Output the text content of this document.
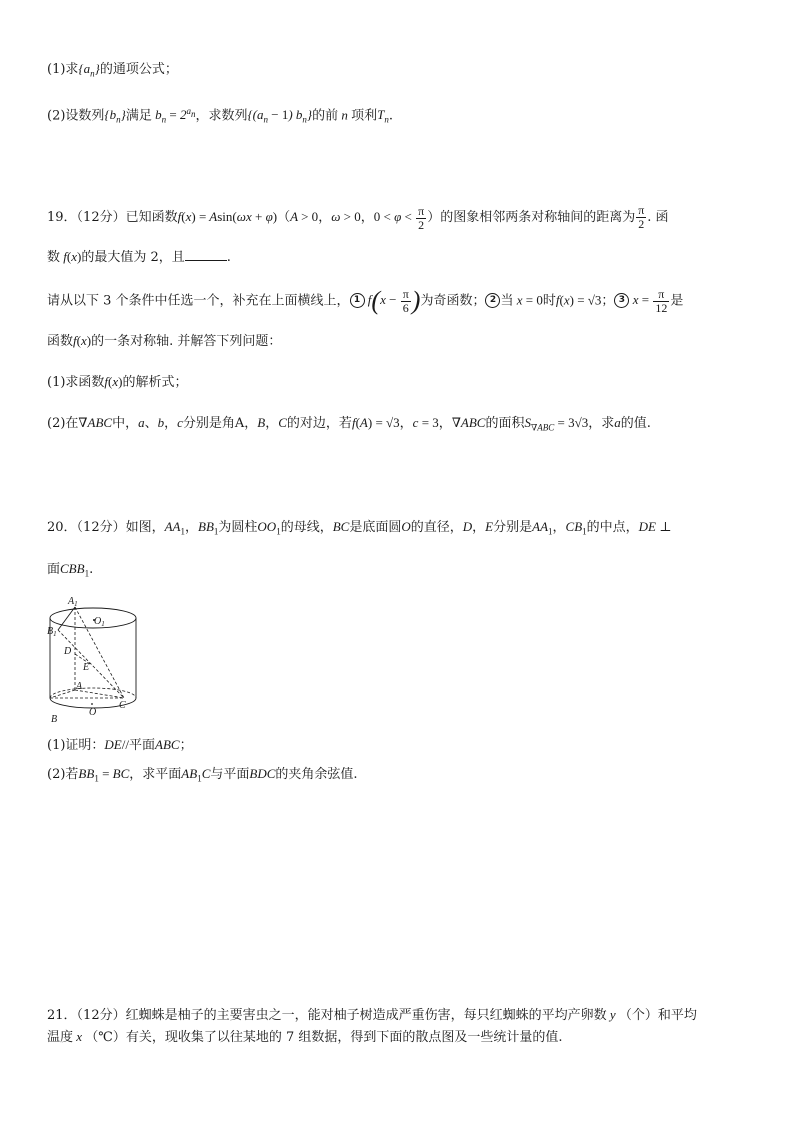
(1)求$\{a_n\}$的通项公式；
(2)设数列$\{b_n\}$满足 $b_n = 2^{a_n}$，求数列{$(a_n - 1)$ $b_n$}的前 n 项利$T_n$.
19．（12分）已知函数f(x) = Asin(ωx + φ)（A > 0，ω > 0，$0 < \varphi < \frac{\pi}{2}$ ）的图象相邻两条对称轴间的距离为 $\frac{\pi}{2}$ . 函
数 f(x)的最大值为 2，且	.
请从以下 3 个条件中任选一个，补充在上面横线上， 1 $f(x - \frac{\pi}{6}$ )为奇函数； 2 当 x = 0时f(x) = √3； 3 $x = \frac{\pi}{12}$ 是
函数f(x)的一条对称轴. 并解答下列问题：
(1)求函数f(x)的解析式；
(2)在∇ABC中，a、b，c分别是角A，B，C的对边，若f(A) = √3，c = 3，∇ABC的面积$S_{\nabla ABC} = 3√3$，求a的值.
20．（12分）如图，$AA_1$，$BB_1$为圆柱$OO_1$的母线，BC是底面圆O的直径，D，E分别是$AA_1$，$CB_1$的中点，DE ⊥
面$CBB_1$.
$A_1$
$B_1$
$O_1$
D
E
A
C
B
O
(1)证明：DE//平面ABC；
(2)若$BB_1$ = BC，求平面$AB_1C$与平面BDC的夹角余弦值.
21．（12分）红蜘蛛是柚子的主要害虫之一，能对柚子树造成严重伤害，每只红蜘蛛的平均产卵数 y （个）和平均
温度 x （℃）有关，现收集了以往某地的 7 组数据，得到下面的散点图及一些统计量的值.
